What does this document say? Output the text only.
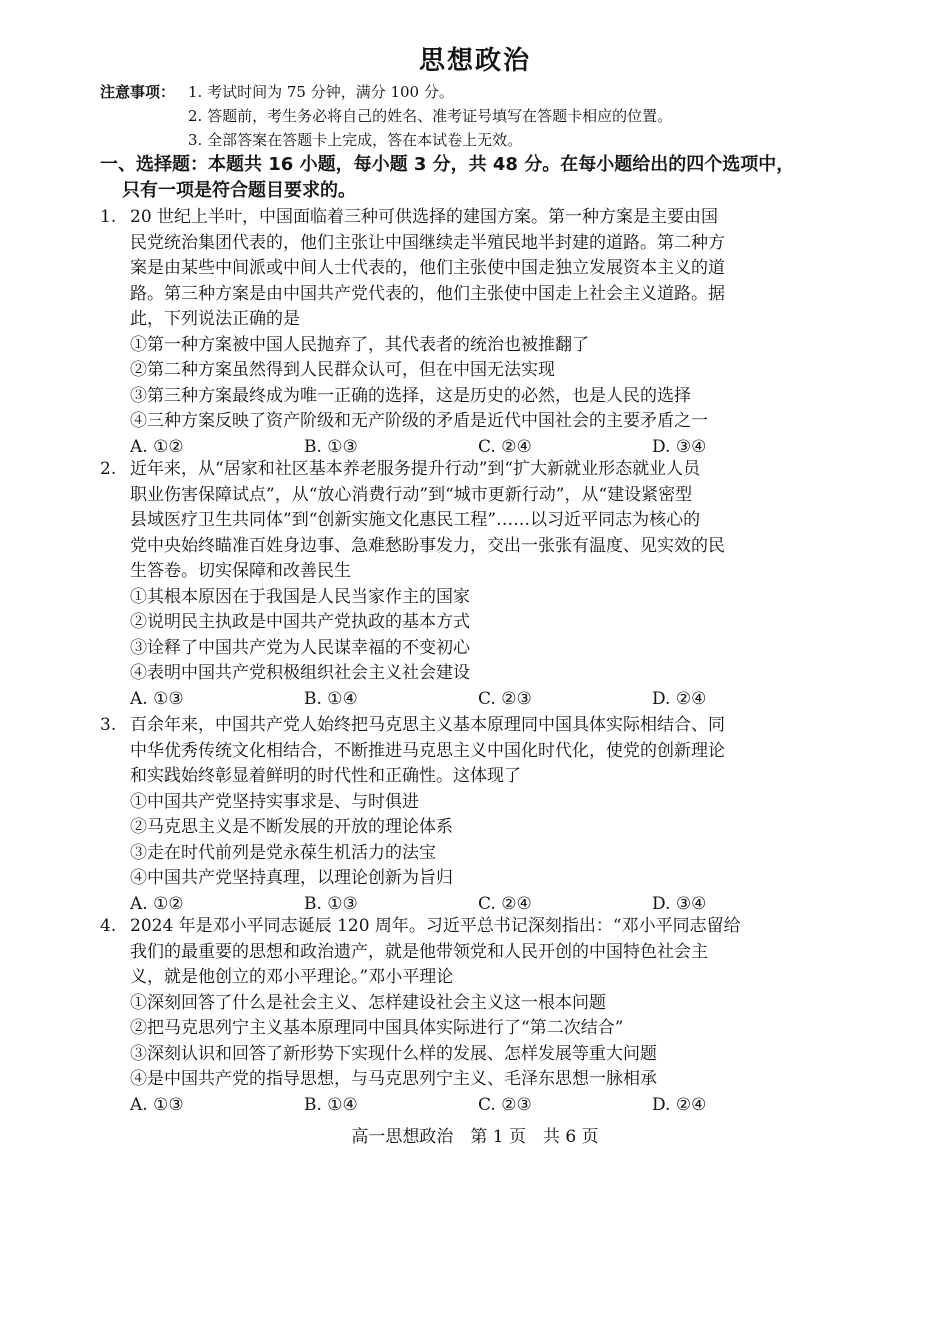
思想政治
注意事项： 1. 考试时间为 75 分钟，满分 100 分。
2. 答题前，考生务必将自己的姓名、准考证号填写在答题卡相应的位置。
3. 全部答案在答题卡上完成，答在本试卷上无效。
一、选择题：本题共 16 小题，每小题 3 分，共 48 分。在每小题给出的四个选项中，
只有一项是符合题目要求的。
1. 20 世纪上半叶，中国面临着三种可供选择的建国方案。第一种方案是主要由国
民党统治集团代表的，他们主张让中国继续走半殖民地半封建的道路。第二种方
案是由某些中间派或中间人士代表的，他们主张使中国走独立发展资本主义的道
路。第三种方案是由中国共产党代表的，他们主张使中国走上社会主义道路。据
此，下列说法正确的是
①第一种方案被中国人民抛弃了，其代表者的统治也被推翻了
②第二种方案虽然得到人民群众认可，但在中国无法实现
③第三种方案最终成为唯一正确的选择，这是历史的必然，也是人民的选择
④三种方案反映了资产阶级和无产阶级的矛盾是近代中国社会的主要矛盾之一
A. ①②	B. ①③	C. ②④	D. ③④
2. 近年来，从“居家和社区基本养老服务提升行动”到“扩大新就业形态就业人员
职业伤害保障试点”，从“放心消费行动”到“城市更新行动”，从“建设紧密型
县域医疗卫生共同体”到“创新实施文化惠民工程”……以习近平同志为核心的
党中央始终瞄准百姓身边事、急难愁盼事发力，交出一张张有温度、见实效的民
生答卷。切实保障和改善民生
①其根本原因在于我国是人民当家作主的国家
②说明民主执政是中国共产党执政的基本方式
③诠释了中国共产党为人民谋幸福的不变初心
④表明中国共产党积极组织社会主义社会建设
A. ①③	B. ①④	C. ②③	D. ②④
3. 百余年来，中国共产党人始终把马克思主义基本原理同中国具体实际相结合、同
中华优秀传统文化相结合，不断推进马克思主义中国化时代化，使党的创新理论
和实践始终彰显着鲜明的时代性和正确性。这体现了
①中国共产党坚持实事求是、与时俱进
②马克思主义是不断发展的开放的理论体系
③走在时代前列是党永葆生机活力的法宝
④中国共产党坚持真理，以理论创新为旨归
A. ①②	B. ①③	C. ②④	D. ③④
4. 2024 年是邓小平同志诞辰 120 周年。习近平总书记深刻指出：“邓小平同志留给
我们的最重要的思想和政治遗产，就是他带领党和人民开创的中国特色社会主
义，就是他创立的邓小平理论。”邓小平理论
①深刻回答了什么是社会主义、怎样建设社会主义这一根本问题
②把马克思列宁主义基本原理同中国具体实际进行了“第二次结合”
③深刻认识和回答了新形势下实现什么样的发展、怎样发展等重大问题
④是中国共产党的指导思想，与马克思列宁主义、毛泽东思想一脉相承
A. ①③	B. ①④	C. ②③	D. ②④
高一思想政治　第 1 页　共 6 页
